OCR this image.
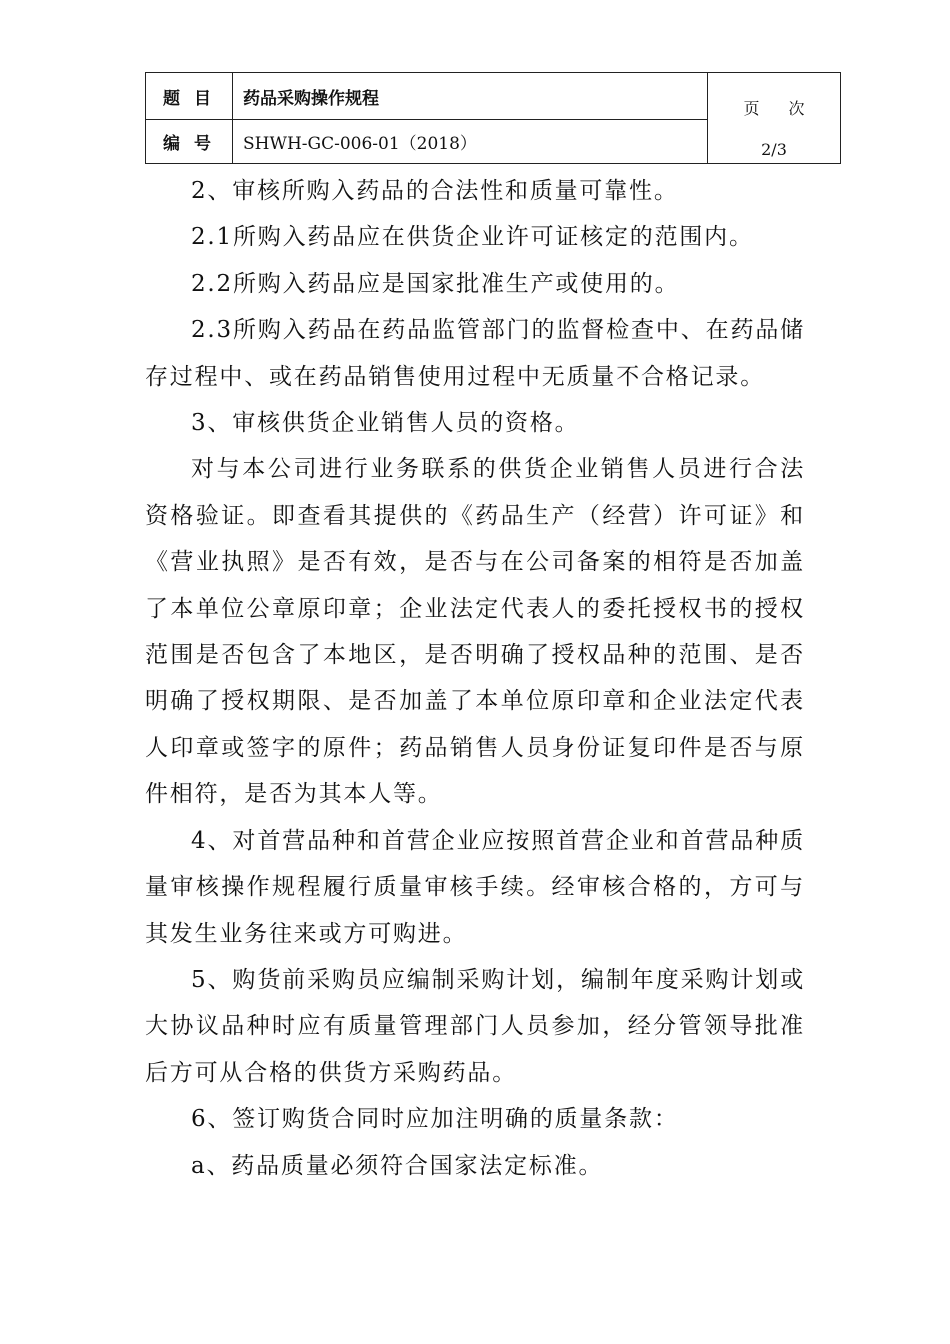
题 目	药品采购操作规程	页 次
2/3

编 号	SHWH-GC-006-01（2018）	

2、审核所购入药品的合法性和质量可靠性。

2.1所购入药品应在供货企业许可证核定的范围内。

2.2所购入药品应是国家批准生产或使用的。

2.3所购入药品在药品监管部门的监督检查中、在药品储存过程中、或在药品销售使用过程中无质量不合格记录。

3、审核供货企业销售人员的资格。

对与本公司进行业务联系的供货企业销售人员进行合法资格验证。即查看其提供的《药品生产（经营）许可证》和《营业执照》是否有效，是否与在公司备案的相符是否加盖了本单位公章原印章；企业法定代表人的委托授权书的授权范围是否包含了本地区，是否明确了授权品种的范围、是否明确了授权期限、是否加盖了本单位原印章和企业法定代表人印章或签字的原件；药品销售人员身份证复印件是否与原件相符，是否为其本人等。

4、对首营品种和首营企业应按照首营企业和首营品种质量审核操作规程履行质量审核手续。经审核合格的，方可与其发生业务往来或方可购进。

5、购货前采购员应编制采购计划，编制年度采购计划或大协议品种时应有质量管理部门人员参加，经分管领导批准后方可从合格的供货方采购药品。

6、签订购货合同时应加注明确的质量条款：

a、药品质量必须符合国家法定标准。
